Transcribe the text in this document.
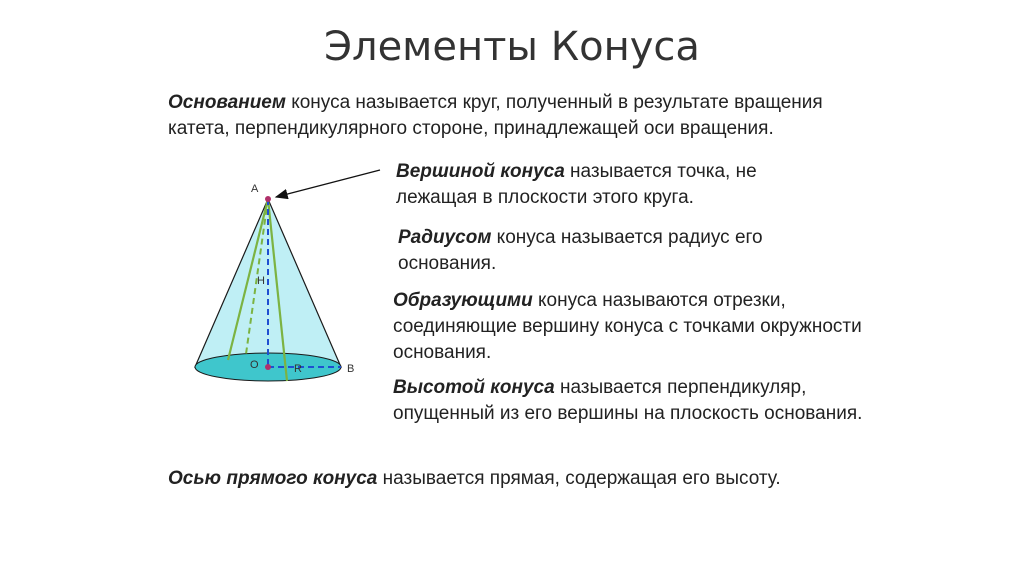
Элементы Конуса
Основанием конуса называется круг, полученный в результате вращения катета, перпендикулярного стороне, принадлежащей оси вращения.
Вершиной конуса называется точка, не лежащая в плоскости этого круга.
Радиусом конуса называется радиус его основания.
Образующими конуса называются отрезки, соединяющие вершину конуса с точками окружности основания.
Высотой конуса называется перпендикуляр, опущенный из его вершины на плоскость основания.
Осью прямого конуса называется прямая, содержащая его высоту.
A
H
O	R	B
